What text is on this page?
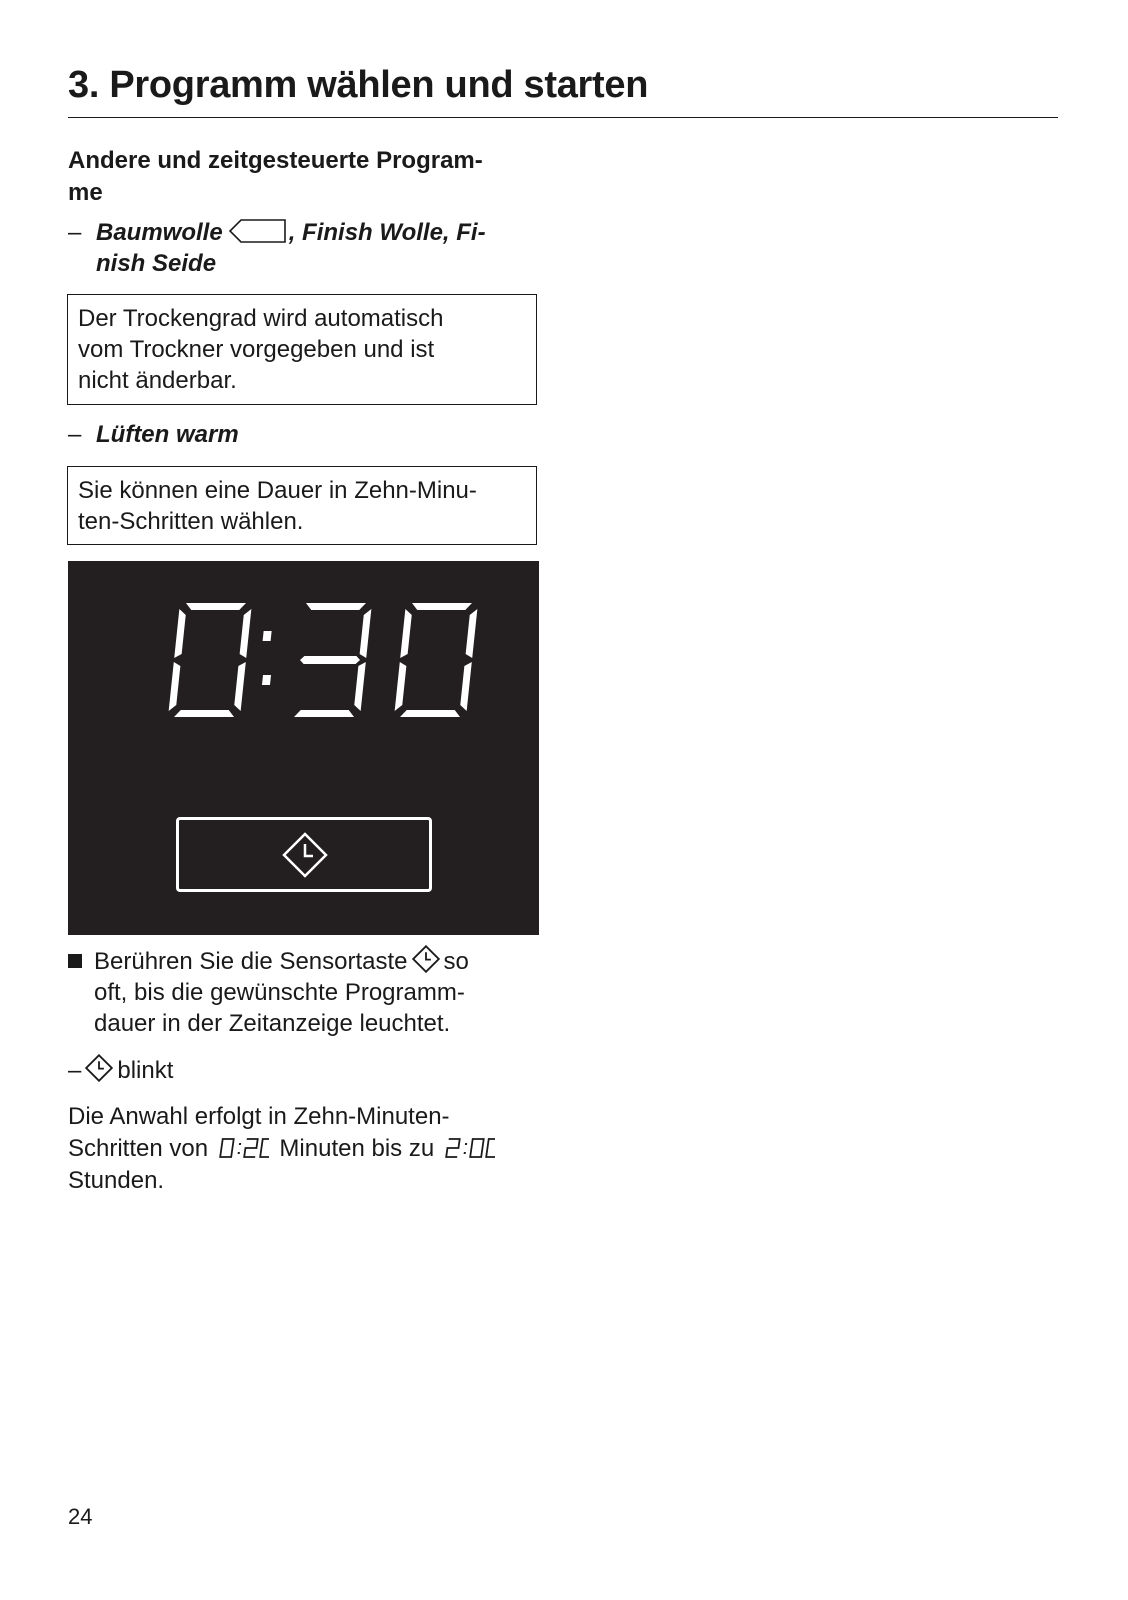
3. Programm wählen und starten
Andere und zeitgesteuerte Program-
me
– Baumwolle	, Finish Wolle, Fi-
nish Seide
Der Trockengrad wird automatisch
vom Trockner vorgegeben und ist
nicht änderbar.
– Lüften warm
Sie können eine Dauer in Zehn-Minu-
ten-Schritten wählen.
Berühren Sie die Sensortaste so
oft, bis die gewünschte Programm-
dauer in der Zeitanzeige leuchtet.
– blinkt
Die Anwahl erfolgt in Zehn-Minuten-
Schritten von	Minuten bis zu
Stunden.
24
